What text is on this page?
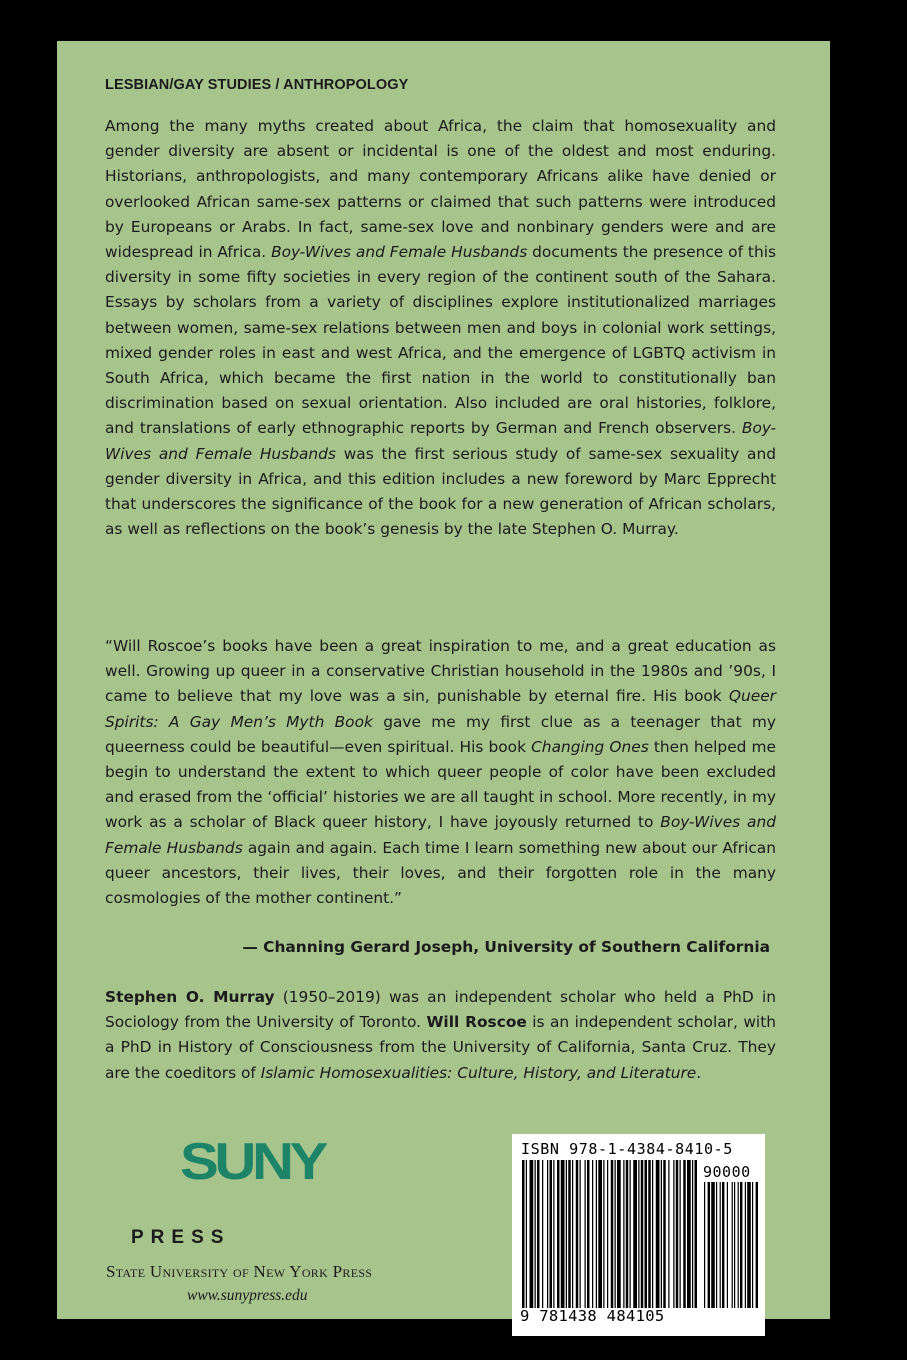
LESBIAN/GAY STUDIES / ANTHROPOLOGY

Among the many myths created about Africa, the claim that homosexuality and gender diversity are absent or incidental is one of the oldest and most enduring. Historians, anthropologists, and many contemporary Africans alike have denied or overlooked African same-sex patterns or claimed that such patterns were introduced by Europeans or Arabs. In fact, same-sex love and nonbinary genders were and are widespread in Africa. Boy-Wives and Female Husbands documents the presence of this diversity in some fifty societies in every region of the continent south of the Sahara. Essays by scholars from a variety of disciplines explore institutionalized marriages between women, same-sex relations between men and boys in colonial work settings, mixed gender roles in east and west Africa, and the emergence of LGBTQ activism in South Africa, which became the first nation in the world to constitutionally ban discrimination based on sexual orientation. Also included are oral histories, folklore, and translations of early ethnographic reports by German and French observers. Boy-Wives and Female Husbands was the first serious study of same-sex sexuality and gender diversity in Africa, and this edition includes a new foreword by Marc Epprecht that underscores the significance of the book for a new generation of African scholars, as well as reflections on the book’s genesis by the late Stephen O. Murray.

“Will Roscoe’s books have been a great inspiration to me, and a great education as well. Growing up queer in a conservative Christian household in the 1980s and ’90s, I came to believe that my love was a sin, punishable by eternal fire. His book Queer Spirits: A Gay Men’s Myth Book gave me my first clue as a teenager that my queerness could be beautiful—even spiritual. His book Changing Ones then helped me begin to understand the extent to which queer people of color have been excluded and erased from the ‘official’ histories we are all taught in school. More recently, in my work as a scholar of Black queer history, I have joyously returned to Boy-Wives and Female Husbands again and again. Each time I learn something new about our African queer ancestors, their lives, their loves, and their forgotten role in the many cosmologies of the mother continent.”

— Channing Gerard Joseph, University of Southern California

Stephen O. Murray (1950–2019) was an independent scholar who held a PhD in Sociology from the University of Toronto. Will Roscoe is an independent scholar, with a PhD in History of Consciousness from the University of California, Santa Cruz. They are the coeditors of Islamic Homosexualities: Culture, History, and Literature.

SUNY
PRESS
State University of New York Press
www.sunypress.edu
ISBN 978-1-4384-8410-5
90000
9 781438 484105
